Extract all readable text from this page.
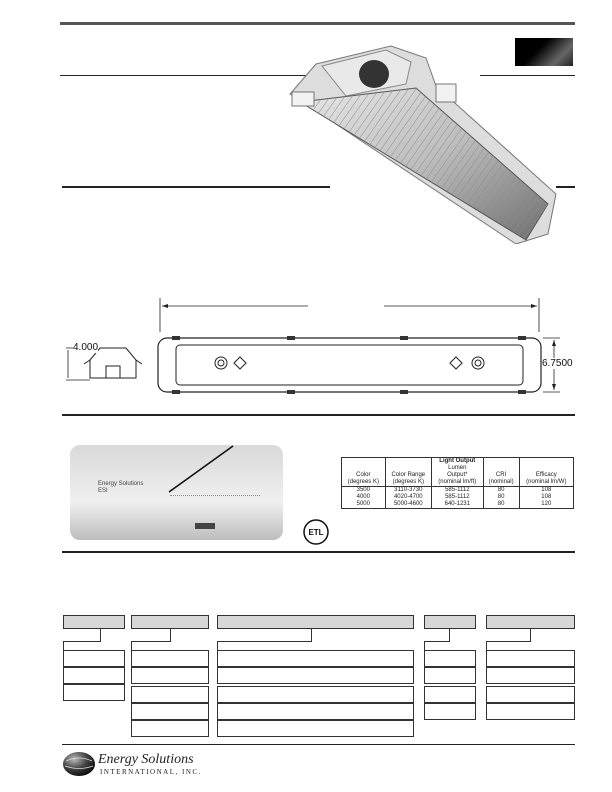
4.000
6.7500
Energy Solutions
ESI
		Light Output		
		Lumen		
Color	Color Range	Output*	CRI	Efficacy
(degrees K)	(degrees K)	(nominal lm/ft)	(nominal)	(nominal lm/W)
3500	3110-3730	585-1112	80	108
4000	4020-4700	585-1112	80	108
5000	5000-4600	640-1231	80	120
ETL
Energy Solutions
INTERNATIONAL, INC.
